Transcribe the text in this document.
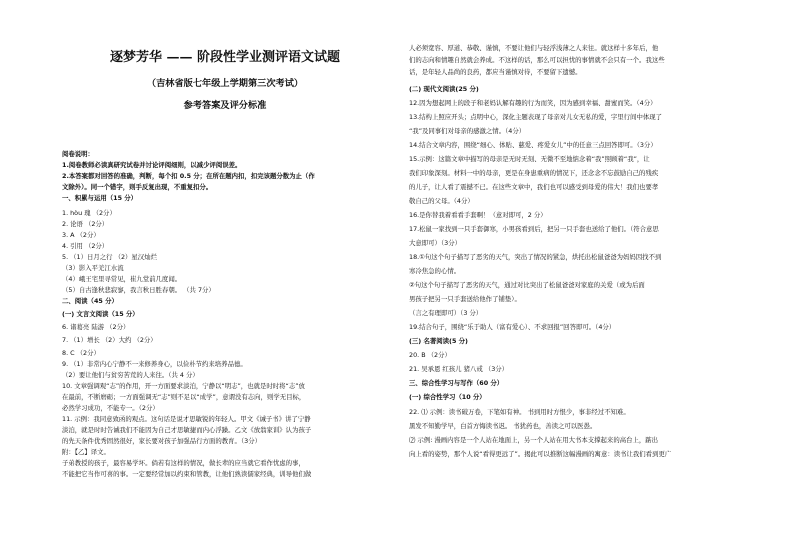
逐梦芳华 —— 阶段性学业测评语文试题
（吉林省版七年级上学期第三次考试）
参考答案及评分标准
阅卷说明：
1.阅卷教师必读真研究试卷并讨论评阅细则，以减少评阅误差。
2.本答案都对回答的准确，判断，每个扣 0.5 分；在所在题内扣，扣完该题分数为止（作
文除外）。同一个错字，则手反复出现，不重复扣分。
一、积累与运用（15 分）
1. hòu 瑰 （2分）
2. 论语 （2分）
3. A （2分）
4. 引用 （2分）
5. （1）日月之行 （2）星汉灿烂
（3）影入平羌江水流
（4）峨王宅里寻常见，崔九堂前几度闻。
（5）自古逢秋悲寂寥，我言秋日胜春朝。 （共 7分）
二、阅读（45 分）
(一) 文言文阅读（15 分）
6. 诸葛亮 陆游 （2分）
7. （1）增长 （2）大约 （2分）
8. C （2分）
9. （1）非常内心宁静不一来修养身心，以俭朴节约来培养品德。
（2）要让他们与贫穷苦荒的人来往。（共 4 分）
10. 文章强调观“志”的作用，开一方面要求淡泊，宁静以“明志”，也就是时时将“志”放
在最前，不断磨砺；一方面强调无“志”则不足以“成学”，意谓没有志向，则学无目标，
必然学习成功，不能专一。（2分）
11. 示例：我同意致函的观点。这句话是说才思敏锐的年轻人。甲文《诫子书》讲了宁静
淡泊，就是时时告诫我们不能因为自己才思敏捷而内心浮躁。乙文《放翁家训》认为孩子
的先天条件优秀固然很好，家长要对孩子加强品行方面的教育。（3分）
附：【乙】译文。
子弟教授的孩子，最容易学坏。倘若有这样的情况，做长辈的应当就它看作忧虑的事，
不能把它当作可喜的事。一定要经常加以约束和管教，让他们熟读儒家经典，训导他们做
人必须宽容、厚道、恭敬、谨慎，不要让他们与轻浮浅薄之人来往。就这样十多年后，他
们的志向和情趣自然就会养成。不这样的话，那么可以担忧的事情就不会只有一个。我这些
话，是年轻人品尚的良药，都应当谨慎对待，不要留下遗憾。
(二) 现代文阅读(25 分)
12.因为想起网上的段子和老妈认解有趣的行为而笑，因为感到幸福、甜蜜而笑。（4分）
13.结构上照应开头；点明中心，深化主题表现了母亲对儿女无私的爱，字里行间中体现了
“我”及同事们对母亲的感激之情。（4分）
14.结合文章内容，围绕“细心、体贴、慈爱、疼爱女儿”中的任意三点回答即可。（3分）
15.示例：这篇文章中描写的母亲是无时无刻、无微不至地惦念着“我”照顾着“我”，让
我们印象深刻。材料一中的母亲，更是在身患重病的情况下，还念念不忘鼓励自己的残疾
的儿子，让人看了震撼不已。在这些文章中，我们也可以感受到母爱的伟大！我们也要孝
敬自己的父母。（4分）
16.是你替我着看看手套啊！（意对即可，2 分）
17.松鼠一家找到一只手套御寒，小男孩看到后，把另一只手套也送给了他们。（符合意思
大意即可）（3分）
18.①句这个句子描写了恶劣的天气，突出了情况的紧急，烘托出松鼠爸爸为妈妈因找不到
寒冷焦急的心情。
②句这个句子描写了恶劣的天气，通过对比突出了松鼠爸爸对家庭的关爱（或为后面
男孩子把另一只手套送给他作了铺垫）。
（言之有理即可）（3 分）
19.结合句子，围绕“乐于助人（富有爱心）、不求回报”回答即可。（4分）
(三) 名著阅读(5 分)
20. B （2分）
21. 吴承恩 红孩儿 猪八戒 （3分）
三、综合性学习与写作（60 分）
(一) 综合性学习（10 分）
22. ⑴ 示例：读书破万卷，下笔如有神。 书到用时方恨少，事非经过不知难。
黑发不知勤学早，白首方悔读书迟。 书犹药也，善读之可以医愚。
⑵ 示例: 漫画内容是一个人站在地面上，另一个人站在用大书本支撑起来的高台上，踮出
向上看的姿势，那个人说“看得更远了”。揭此可以推断这幅漫画的寓意：读书让我们看到更广
